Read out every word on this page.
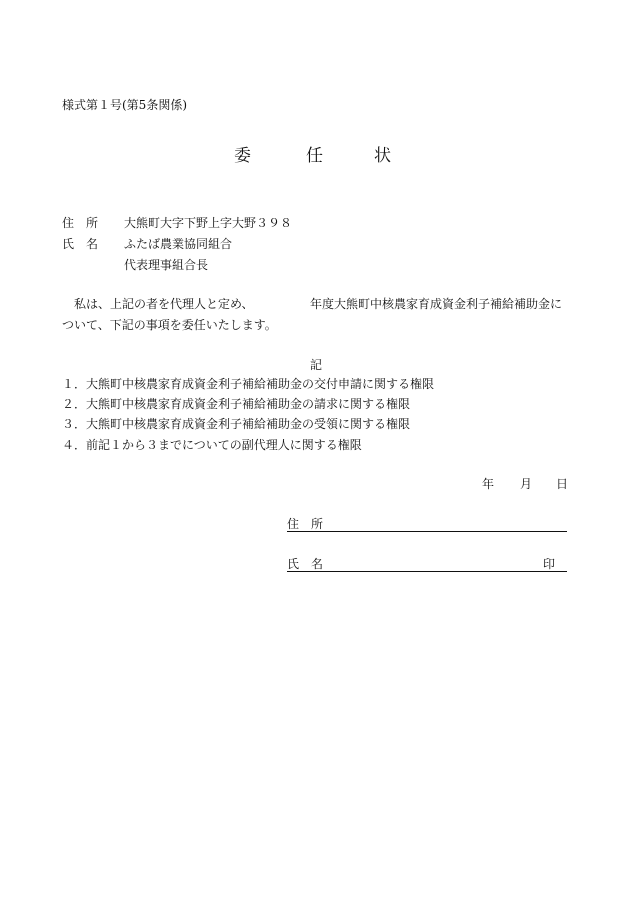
様式第１号(第5条関係)
委	任	状
住　所 大熊町大字下野上字大野３９８
氏　名 ふたば農業協同組合
代表理事組合長
私は、上記の者を代理人と定め、	年度大熊町中核農家育成資金利子補給補助金に
ついて、下記の事項を委任いたします。
記
１．大熊町中核農家育成資金利子補給補助金の交付申請に関する権限
２．大熊町中核農家育成資金利子補給補助金の請求に関する権限
３．大熊町中核農家育成資金利子補給補助金の受領に関する権限
４．前記１から３までについての副代理人に関する権限
年 月 日
住　所
氏　名	印
